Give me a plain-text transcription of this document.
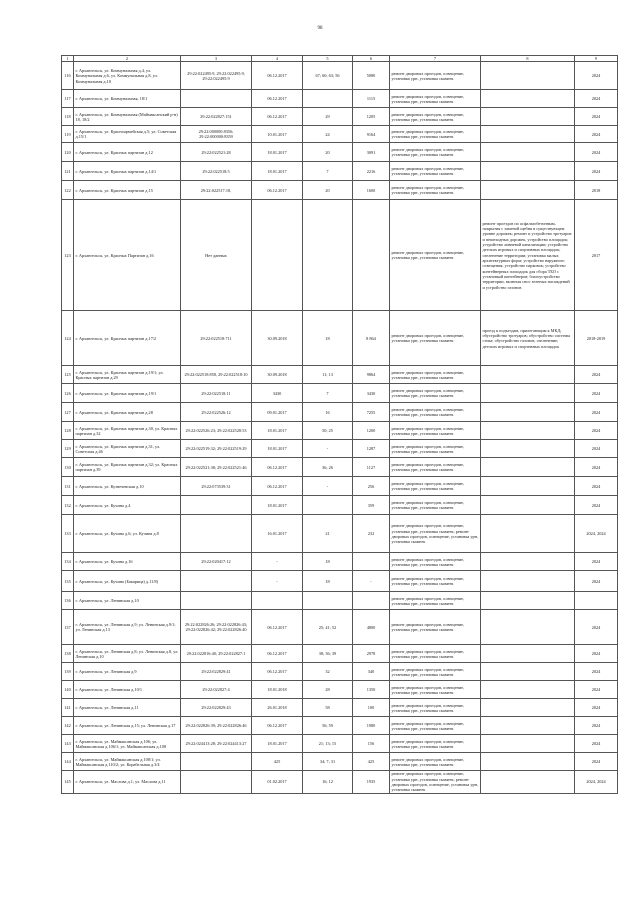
98
1	2	3	4	5	6	7	8	9
116	г. Архангельск, ул. Коммунальная д.4, ул. Коммунальная д.6, ул. Коммунальная д.8, ул. Коммунальная д.10	29:22:022495:9, 29:22:022495:9, 29:22:022495:9	06.12.2017	67; 60; 63; 56	5080	ремонт дворовых проездов, освещение, установка урн, установка скамеек		2024
117	г. Архангельск, ул. Коммунальная, 18/1		06.12.2017		1115	ремонт дворовых проездов, освещение, установка урн, установка скамеек		2024
118	г. Архангельск, ул. Коммунальная (Маймаксанский р-н) 18, 18/2	29:22:022827:151	06.12.2017	29	1205	ремонт дворовых проездов, освещение, установка урн, установка скамеек		2024
119	г. Архангельск, ул. Красноармейская д.5; ул. Советская д.15/1	29:22:000000:8356; 29:22:000000:8359	10.01.2017	24	9164	ремонт дворовых проездов, освещение, установка урн, установка скамеек		2024
120	г. Архангельск, ул. Красных партизан д.12	29:22:022521:28	18.01.2017	20	3091	ремонт дворовых проездов, освещение, установка урн, установка скамеек		2024
121	г. Архангельск, ул. Красных партизан д.14/1	29:22:022518:5	18.01.2017	7	2216	ремонт дворовых проездов, освещение, установка урн, установка скамеек		2024
122	г. Архангельск, ул. Красных партизан д.15	29:22:022517:18,	06.12.2017	20	1600	ремонт дворовых проездов, освещение, установка урн, установка скамеек		2018
123	г. Архангельск, ул. Красных Партизан д.16	Нет данных				ремонт дворовых проездов, освещение, установка урн, установка скамеек	ремонт проездов по асфальтобетонным, покрытия с заменой щебня в существующем уровне дорожек; ремонт и устройство тротуаров и пешеходных дорожек, устройство площадок; устройство ливневой канализации; устройство детских игровых и спортивных площадок; озеленение территории; установка малых архитектурных форм; устройство наружного освещения; устройство парковок; устройство контейнерных площадок для сбора ТБО с установкой контейнеров; благоустройство территории, включая снос зеленых насаждений и устройство газонов	2017
124	г. Архангельск, ул. Красных партизан д.17/2	29:22:022518:711	30.09.2018	18	8 864	ремонт дворовых проездов, освещение, установка урн, установка скамеек	проезд к подъездам, прилегающим к МКД; обустройство тротуаров; обустройство системы стока; обустройство газонов; озеленение; детских игровых и спортивных площадок	2018-2019
125	г. Архангельск, ул. Красных партизан д.19/1; ул. Красных партизан д.29	29:22:022518:858, 29:22:022518:10	30.09.2018	11; 13	9864	ремонт дворовых проездов, освещение, установка урн, установка скамеек		2024
126	г. Архангельск, ул. Красных партизан д.19/1	29:22:022518:11	3430	7	3430	ремонт дворовых проездов, освещение, установка урн, установка скамеек		2024
127	г. Архангельск, ул. Красных партизан д.28	29:22:022526:12	09.01.2017	16	7255	ремонт дворовых проездов, освещение, установка урн, установка скамеек		2024
128	г. Архангельск, ул. Красных партизан д.30, ул. Красных партизан д.32	29:22:022526:23; 29:22:022528:53	18.01.2017	50; 25	1200	ремонт дворовых проездов, освещение, установка урн, установка скамеек		2024
129	г. Архангельск, ул. Красных партизан д.31, ул. Советская д.46	29:22:022519:32; 29:22:022519:29	18.01.2017	-	1287	ремонт дворовых проездов, освещение, установка урн, установка скамеек		2024
130	г. Архангельск, ул. Красных партизан д.32; ул. Красных партизан д.39	29:22:022521:38; 29:22:022521:46	06.12.2017	36; 26	1127	ремонт дворовых проездов, освещение, установка урн, установка скамеек		2024
131	г. Архангельск, ул. Кузнечевская д.10	29:22:073539:31	06.12.2017	-	256	ремонт дворовых проездов, освещение, установка урн, установка скамеек		2024
132	г. Архангельск, ул. Кучина д.4		18.01.2017		359	ремонт дворовых проездов, освещение, установка урн, установка скамеек		2024
133	г. Архангельск, ул. Кучина д.6; ул. Кучина д.8		16.01.2017	21	232	ремонт дворовых проездов, освещение, установка урн, установка скамеек; ремонт дворовых проездов, освещение, установка урн, установка скамеек		2024, 2024
134	г. Архангельск, ул. Кучина д.16	29:22:020417:12	-	18		ремонт дворовых проездов, освещение, установка урн, установка скамеек		2024
135	г. Архангельск, ул. Кучина (Бакарица) д.11/8)		-	18	-	ремонт дворовых проездов, освещение, установка урн, установка скамеек		2024
136	г. Архангельск, ул. Ленинская д.10					ремонт дворовых проездов, освещение, установка урн, установка скамеек		
137	г. Архангельск, ул. Ленинская д.9; ул. Ленинская д.9/1; ул. Ленинская д.13	29:22:022826:26; 29:22:022826:43; 29:22:022826:42; 29:22:022826:40	06.12.2017	25; 41; 52	4800	ремонт дворовых проездов, освещение, установка урн, установка скамеек		2024
138	г. Архангельск, ул. Ленинская д.8; ул. Ленинская д.8, ул. Ленинская д.10	29:22:022816:40; 29:22:022827:1	06.12.2017	38; 36; 39	2978	ремонт дворовых проездов, освещение, установка урн, установка скамеек		2024
139	г. Архангельск, ул. Ленинская д.9	29:22:022829:41	06.12.2017	32	340	ремонт дворовых проездов, освещение, установка урн, установка скамеек		2024
140	г. Архангельск, ул. Ленинская д.10/1	29:22:022827:4	18.01.2018	28	1350	ремонт дворовых проездов, освещение, установка урн, установка скамеек		2024
141	г. Архангельск, ул. Ленинская д.11	29:22:022829:43	26.01.2018	58	100	ремонт дворовых проездов, освещение, установка урн, установка скамеек		2024
142	г. Архангельск, ул. Ленинская д.15; ул. Ленинская д.17	29:22:022826:39; 29:22:022826:46	06.12.2017	56; 59	1980	ремонт дворовых проездов, освещение, установка урн, установка скамеек		2024
143	г. Архангельск, ул. Маймаксанская д.106; ул. Маймаксанская д.106/1; ул. Маймаксанская д.108	29:22:024413:28; 29:22:024413:27	18.01.2017	21; 13; 15	156	ремонт дворовых проездов, освещение, установка урн, установка скамеек		2024
144	г. Архангельск, ул. Маймаксанская д.108/1; ул. Маймаксанская д.110/2; ул. Корабельная д.3/4		425	34; 7; 31	425	ремонт дворовых проездов, освещение, установка урн, установка скамеек		2024
145	г. Архангельск, ул. Маслова д.1; ул. Маслова д.11		01.02.2017	16; 12	1935	ремонт дворовых проездов, освещение, установка урн, установка скамеек; ремонт дворовых проездов, освещение, установка урн, установка скамеек		2024, 2024
